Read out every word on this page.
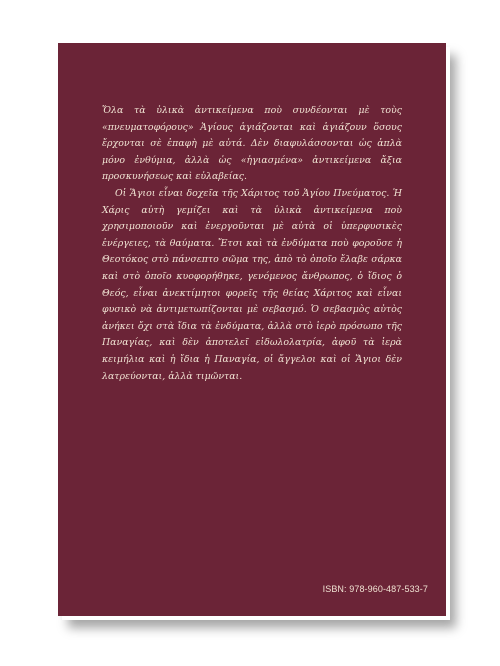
Ὅλα τὰ ὑλικὰ ἀντικείμενα ποὺ συνδέονται μὲ τοὺς «πνευματοφόρους» Ἁγίους ἁγιάζονται καὶ ἁγιάζουν ὅσους ἔρχονται σὲ ἐπαφὴ μὲ αὐτά. Δὲν διαφυλάσσονται ὡς ἁπλὰ μόνο ἐνθύμια, ἀλλὰ ὡς «ἡγιασμένα» ἀντικείμενα ἄξια προσκυνήσεως καὶ εὐλαβείας.

Οἱ Ἅγιοι εἶναι δοχεῖα τῆς Χάριτος τοῦ Ἁγίου Πνεύματος. Ἡ Χάρις αὐτὴ γεμίζει καὶ τὰ ὑλικὰ ἀντικείμενα ποὺ χρησιμοποιοῦν καὶ ἐνεργοῦνται μὲ αὐτὰ οἱ ὑπερφυσικὲς ἐνέργειες, τὰ θαύματα. Ἔτσι καὶ τὰ ἐνδύματα ποὺ φοροῦσε ἡ Θεοτόκος στὸ πάνσεπτο σῶμα της, ἀπὸ τὸ ὁποῖο ἔλαβε σάρκα καὶ στὸ ὁποῖο κυοφορήθηκε, γενόμενος ἄνθρωπος, ὁ ἴδιος ὁ Θεός, εἶναι ἀνεκτίμητοι φορεῖς τῆς θείας Χάριτος καὶ εἶναι φυσικὸ νὰ ἀντιμετωπίζονται μὲ σεβασμό. Ὁ σεβασμὸς αὐτὸς ἀνήκει ὄχι στὰ ἴδια τὰ ἐνδύματα, ἀλλὰ στὸ ἱερὸ πρόσωπο τῆς Παναγίας, καὶ δὲν ἀποτελεῖ εἰδωλολατρία, ἀφοῦ τὰ ἱερὰ κειμήλια καὶ ἡ ἴδια ἡ Παναγία, οἱ ἄγγελοι καὶ οἱ Ἅγιοι δὲν λατρεύονται, ἀλλὰ τιμῶνται.

ISBN: 978-960-487-533-7
